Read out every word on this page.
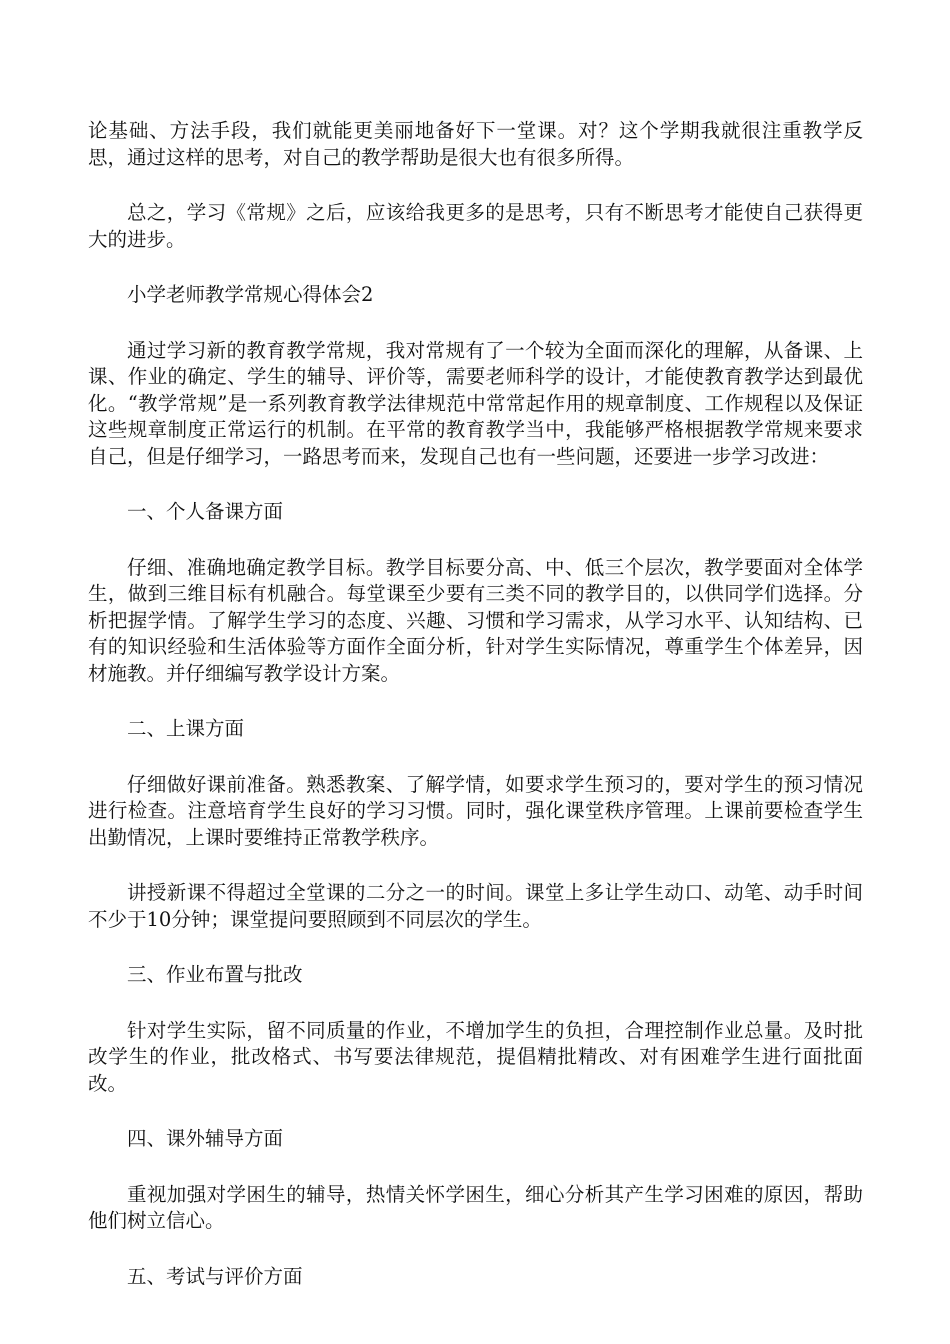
论基础、方法手段，我们就能更美丽地备好下一堂课。对？这个学期我就很注重教学反思，通过这样的思考，对自己的教学帮助是很大也有很多所得。

总之，学习《常规》之后，应该给我更多的是思考，只有不断思考才能使自己获得更大的进步。

小学老师教学常规心得体会2

通过学习新的教育教学常规，我对常规有了一个较为全面而深化的理解，从备课、上课、作业的确定、学生的辅导、评价等，需要老师科学的设计，才能使教育教学达到最优化。“教学常规”是一系列教育教学法律规范中常常起作用的规章制度、工作规程以及保证这些规章制度正常运行的机制。在平常的教育教学当中，我能够严格根据教学常规来要求自己，但是仔细学习，一路思考而来，发现自己也有一些问题，还要进一步学习改进：

一、个人备课方面

仔细、准确地确定教学目标。教学目标要分高、中、低三个层次，教学要面对全体学生，做到三维目标有机融合。每堂课至少要有三类不同的教学目的，以供同学们选择。分析把握学情。了解学生学习的态度、兴趣、习惯和学习需求，从学习水平、认知结构、已有的知识经验和生活体验等方面作全面分析，针对学生实际情况，尊重学生个体差异，因材施教。并仔细编写教学设计方案。

二、上课方面

仔细做好课前准备。熟悉教案、了解学情，如要求学生预习的，要对学生的预习情况进行检查。注意培育学生良好的学习习惯。同时，强化课堂秩序管理。上课前要检查学生出勤情况，上课时要维持正常教学秩序。

讲授新课不得超过全堂课的二分之一的时间。课堂上多让学生动口、动笔、动手时间不少于10分钟；课堂提问要照顾到不同层次的学生。

三、作业布置与批改

针对学生实际，留不同质量的作业，不增加学生的负担，合理控制作业总量。及时批改学生的作业，批改格式、书写要法律规范，提倡精批精改、对有困难学生进行面批面改。

四、课外辅导方面

重视加强对学困生的辅导，热情关怀学困生，细心分析其产生学习困难的原因，帮助他们树立信心。

五、考试与评价方面
